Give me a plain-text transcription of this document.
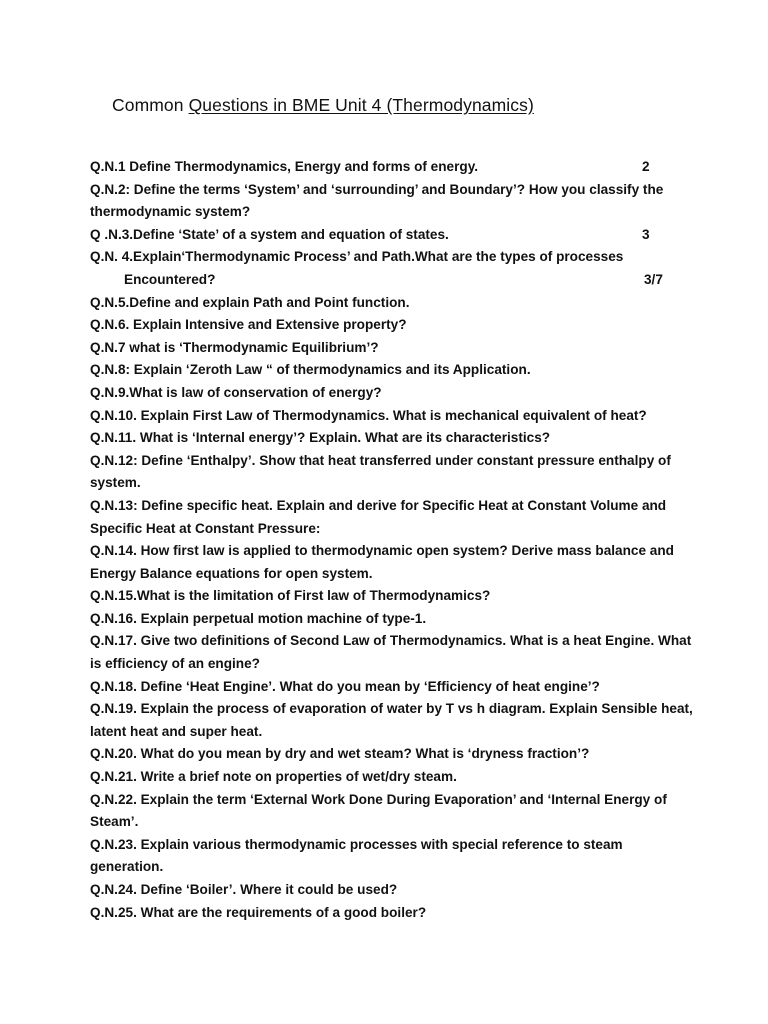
Common Questions in BME Unit 4 (Thermodynamics)
Q.N.1 Define Thermodynamics, Energy and forms of energy.	2
Q.N.2: Define the terms ‘System’ and ‘surrounding’ and Boundary’? How you classify the
thermodynamic system?
Q .N.3.Define ‘State’ of a system and equation of states.	3
Q.N. 4.Explain‘Thermodynamic Process’ and Path.What are the types of processes
Encountered?	3/7
Q.N.5.Define and explain Path and Point function.
Q.N.6. Explain Intensive and Extensive property?
Q.N.7 what is ‘Thermodynamic Equilibrium’?
Q.N.8: Explain ‘Zeroth Law “ of thermodynamics and its Application.
Q.N.9.What is law of conservation of energy?
Q.N.10. Explain First Law of Thermodynamics. What is mechanical equivalent of heat?
Q.N.11. What is ‘Internal energy’? Explain. What are its characteristics?
Q.N.12: Define ‘Enthalpy’. Show that heat transferred under constant pressure enthalpy of
system.
Q.N.13: Define specific heat. Explain and derive for Specific Heat at Constant Volume and
Specific Heat at Constant Pressure:
Q.N.14. How first law is applied to thermodynamic open system? Derive mass balance and
Energy Balance equations for open system.
Q.N.15.What is the limitation of First law of Thermodynamics?
Q.N.16. Explain perpetual motion machine of type-1.
Q.N.17. Give two definitions of Second Law of Thermodynamics. What is a heat Engine. What
is efficiency of an engine?
Q.N.18. Define ‘Heat Engine’. What do you mean by ‘Efficiency of heat engine’?
Q.N.19. Explain the process of evaporation of water by T vs h diagram. Explain Sensible heat,
latent heat and super heat.
Q.N.20. What do you mean by dry and wet steam? What is ‘dryness fraction’?
Q.N.21. Write a brief note on properties of wet/dry steam.
Q.N.22. Explain the term ‘External Work Done During Evaporation’ and ‘Internal Energy of
Steam’.
Q.N.23. Explain various thermodynamic processes with special reference to steam
generation.
Q.N.24. Define ‘Boiler’. Where it could be used?
Q.N.25. What are the requirements of a good boiler?
